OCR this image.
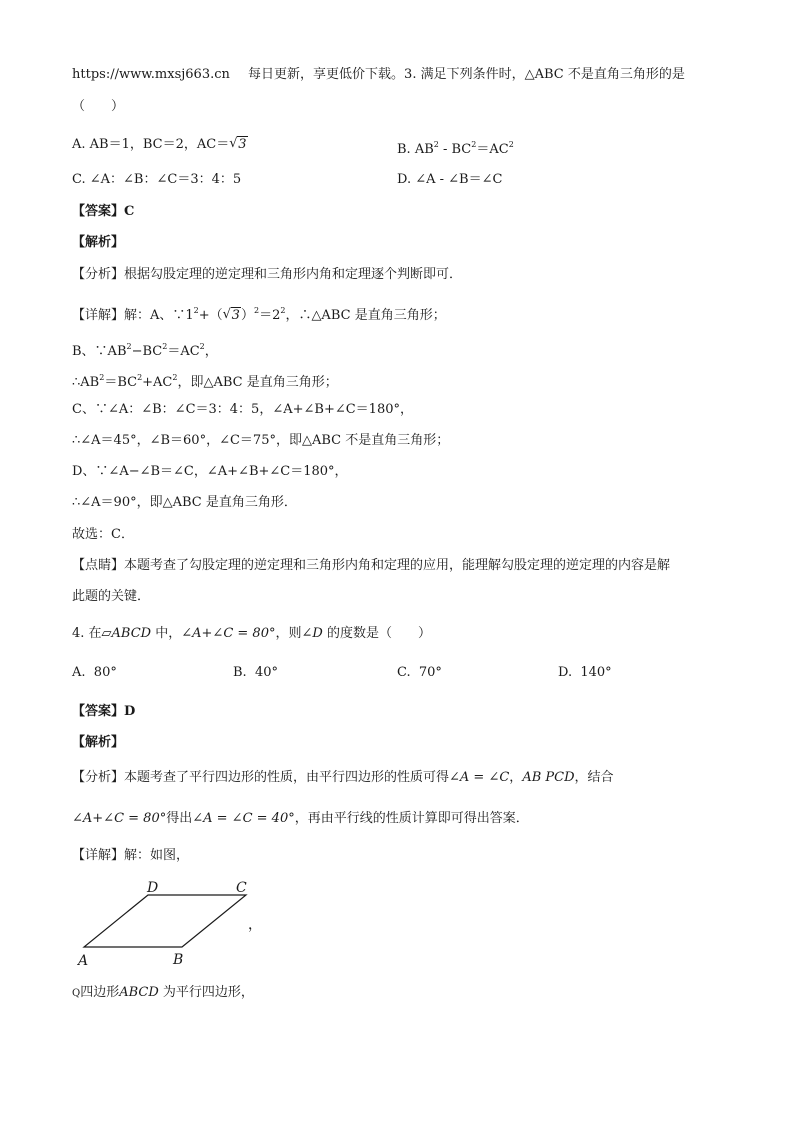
https://www.mxsj663.cn 每日更新，享更低价下载。3. 满足下列条件时，△ABC 不是直角三角形的是
（　　）
A. AB＝1，BC＝2，AC＝√ 3	B. $AB^2 - BC^2=AC^2$
C. ∠A：∠B：∠C＝3：4：5	D. ∠A - ∠B＝∠C
【答案】C
【解析】
【分析】根据勾股定理的逆定理和三角形内角和定理逐个判断即可．
【详解】解：A、$\because 1^2+(√$ $3)^2=2^2$，∴△ABC 是直角三角形；
B、$\because AB^2-BC^2=AC^2$，
$\therefore AB^2=BC^2+AC^2$，即△ABC 是直角三角形；
C、∵∠A：∠B：∠C＝3：4：5，∠A+∠B+∠C＝180°，
∴∠A＝45°，∠B＝60°，∠C＝75°，即△ABC 不是直角三角形；
D、∵∠A−∠B＝∠C，∠A+∠B+∠C＝180°，
∴∠A＝90°，即△ABC 是直角三角形．
故选：C．
【点睛】本题考查了勾股定理的逆定理和三角形内角和定理的应用，能理解勾股定理的逆定理的内容是解
此题的关键．
4. 在▱ABCD 中，∠A+∠C = 80°，则∠D 的度数是（　　）
A. 80°	B. 40°	C. 70°	D. 140°
【答案】D
【解析】
【分析】本题考查了平行四边形的性质，由平行四边形的性质可得∠A = ∠C，AB PCD，结合
∠A+∠C = 80°得出∠A = ∠C = 40°，再由平行线的性质计算即可得出答案．
【详解】解：如图，
D	C
A	B
，
Q四边形ABCD 为平行四边形，
